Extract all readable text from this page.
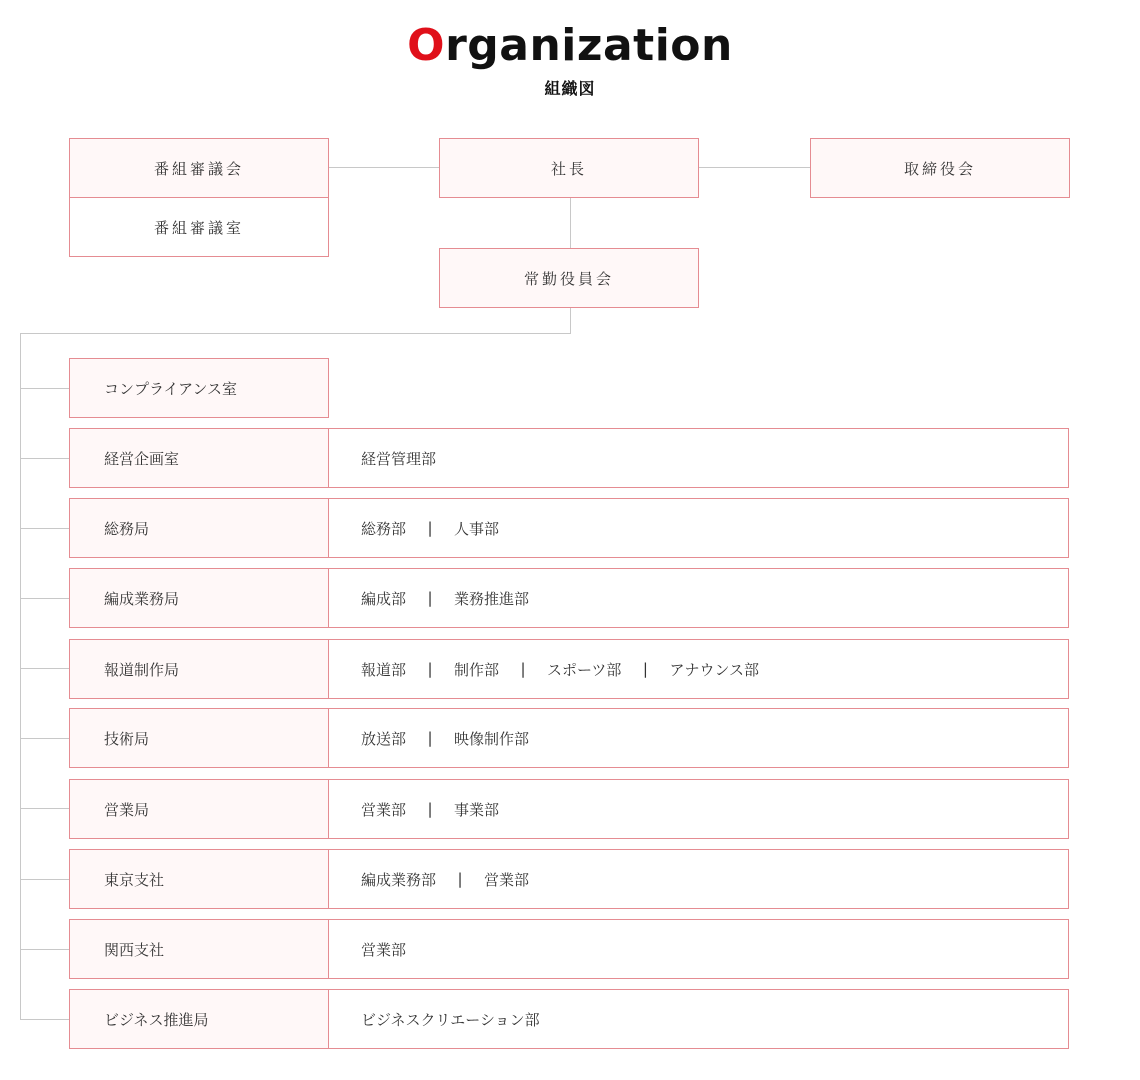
Organization
組織図
番組審議会
番組審議室
社長	取締役会
常勤役員会
コンプライアンス室
経営企画室	経営管理部
総務局	総務部	|	人事部
編成業務局	編成部	|	業務推進部
報道制作局	報道部	|	制作部	|	スポーツ部	|	アナウンス部
技術局	放送部	|	映像制作部
営業局	営業部	|	事業部
東京支社	編成業務部	|	営業部
関西支社	営業部
ビジネス推進局	ビジネスクリエーション部
